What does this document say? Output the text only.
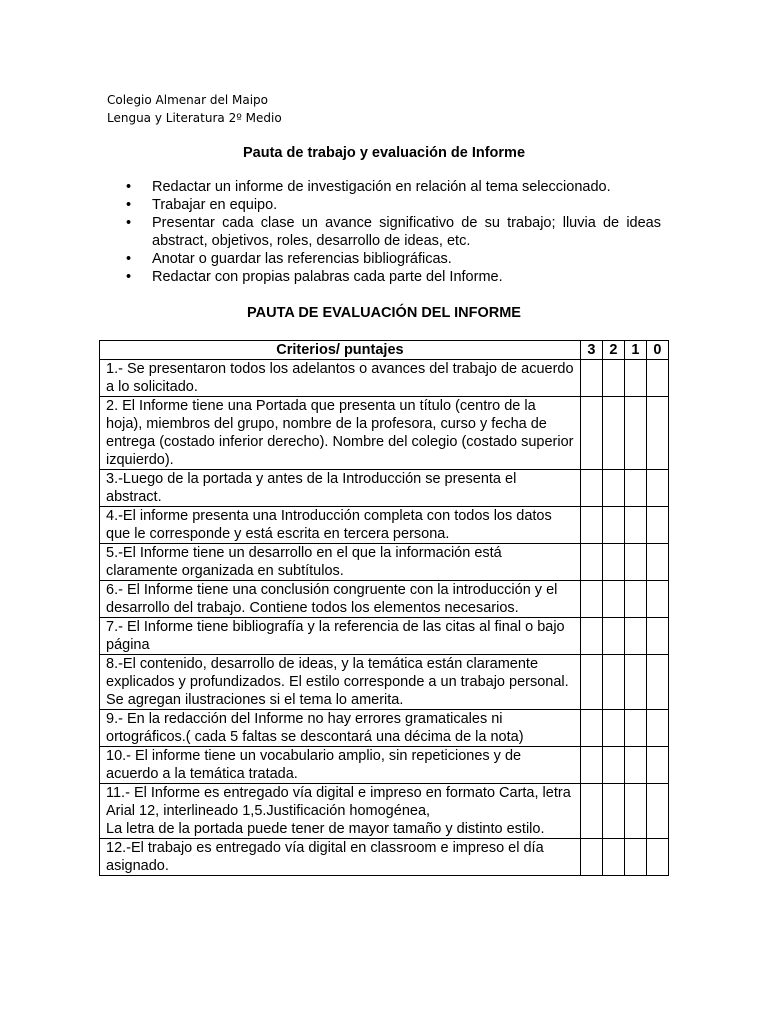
Colegio Almenar del Maipo
Lengua y Literatura 2º Medio
Pauta de trabajo y evaluación de Informe
• Redactar un informe de investigación en relación al tema seleccionado.
• Trabajar en equipo.
• Presentar cada clase un avance significativo de su trabajo; lluvia de ideas abstract, objetivos, roles, desarrollo de ideas, etc.
• Anotar o guardar las referencias bibliográficas.
• Redactar con propias palabras cada parte del Informe.
PAUTA DE EVALUACIÓN DEL INFORME
Criterios/ puntajes	3	2	1	0
1.- Se presentaron todos los adelantos o avances del trabajo de acuerdo a lo solicitado.				
2. El Informe tiene una Portada que presenta un título (centro de la hoja), miembros del grupo, nombre de la profesora, curso y fecha de entrega (costado inferior derecho). Nombre del colegio (costado superior izquierdo).				
3.-Luego de la portada y antes de la Introducción se presenta el abstract.				
4.-El informe presenta una Introducción completa con todos los datos que le corresponde y está escrita en tercera persona.				
5.-El Informe tiene un desarrollo en el que la información está claramente organizada en subtítulos.				
6.- El Informe tiene una conclusión congruente con la introducción y el desarrollo del trabajo. Contiene todos los elementos necesarios.				
7.- El Informe tiene bibliografía y la referencia de las citas al final o bajo página				
8.-El contenido, desarrollo de ideas, y la temática están claramente explicados y profundizados. El estilo corresponde a un trabajo personal.
Se agregan ilustraciones si el tema lo amerita.				
9.- En la redacción del Informe no hay errores gramaticales ni ortográficos.( cada 5 faltas se descontará una décima de la nota)				
10.- El informe tiene un vocabulario amplio, sin repeticiones y de acuerdo a la temática tratada.				
11.- El Informe es entregado vía digital e impreso en formato Carta, letra Arial 12, interlineado 1,5.Justificación homogénea,
La letra de la portada puede tener de mayor tamaño y distinto estilo.				
12.-El trabajo es entregado vía digital en classroom e impreso el día asignado.				
